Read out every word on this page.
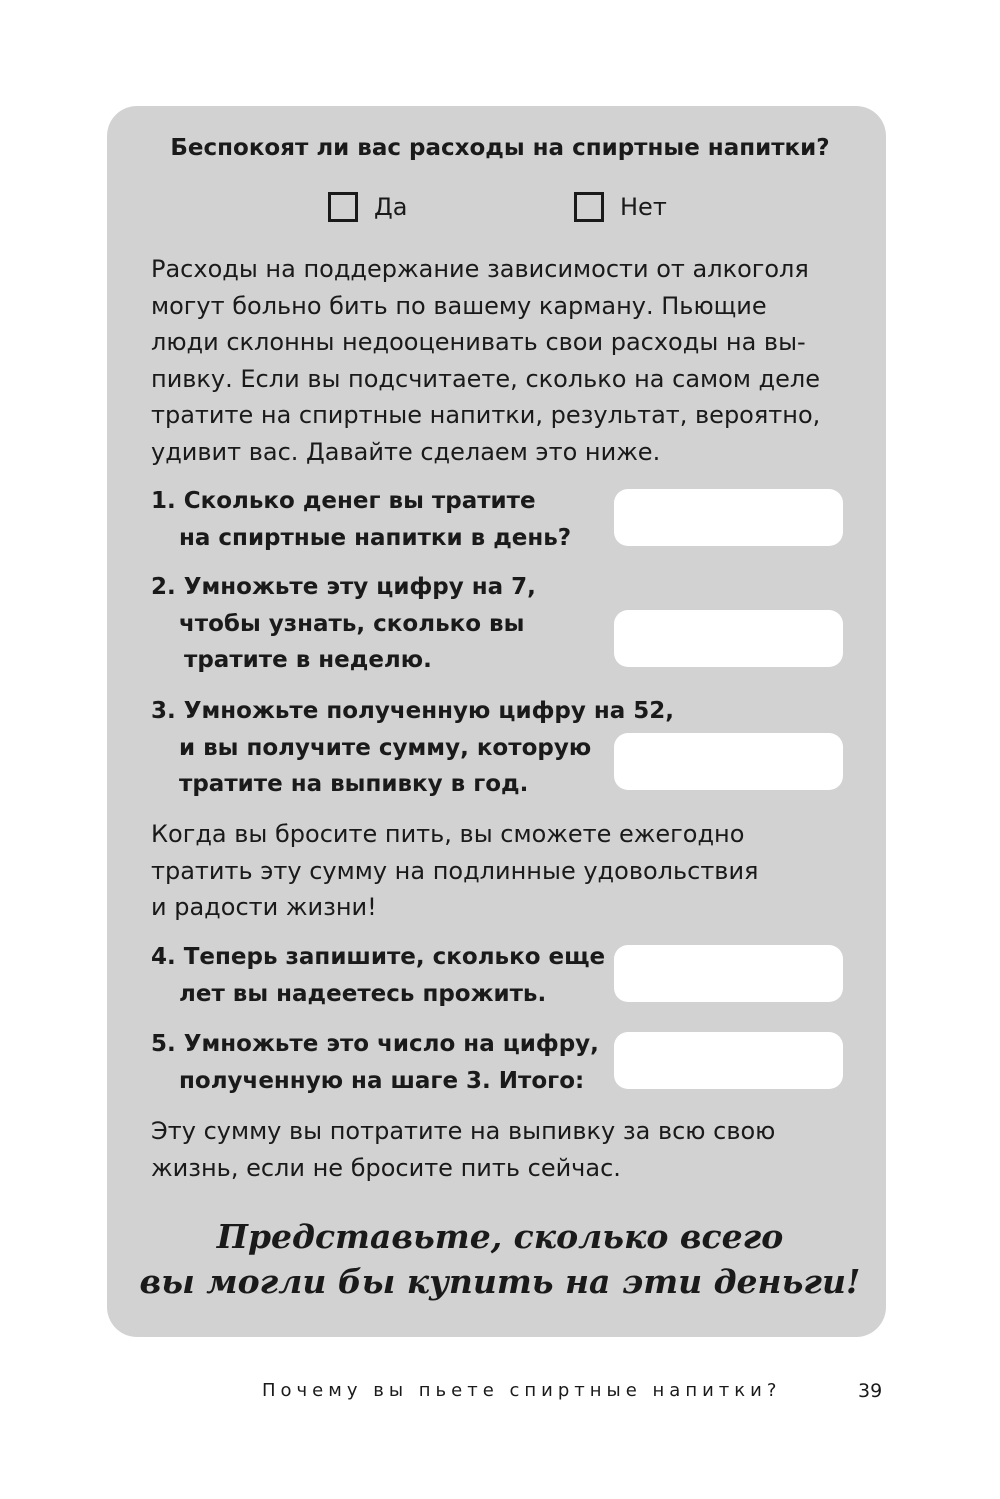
Беспокоят ли вас расходы на спиртные напитки?

Да	Нет

Расходы на поддержание зависимости от алкоголя
могут больно бить по вашему карману. Пьющие
люди склонны недооценивать свои расходы на вы-
пивку. Если вы подсчитаете, сколько на самом деле
тратите на спиртные напитки, результат, вероятно,
удивит вас. Давайте сделаем это ниже.

1. Сколько денег вы тратите

на спиртные напитки в день?

2. Умножьте эту цифру на 7,

чтобы узнать, сколько вы
тратите в неделю.

3. Умножьте полученную цифру на 52,

и вы получите сумму, которую
тратите на выпивку в год.

Когда вы бросите пить, вы сможете ежегодно
тратить эту сумму на подлинные удовольствия
и радости жизни!

4. Теперь запишите, сколько еще

лет вы надеетесь прожить.

5. Умножьте это число на цифру,

полученную на шаге 3. Итого:

Эту сумму вы потратите на выпивку за всю свою
жизнь, если не бросите пить сейчас.

Представьте, сколько всего
вы могли бы купить на эти деньги!

Почему вы пьете спиртные напитки?	39
